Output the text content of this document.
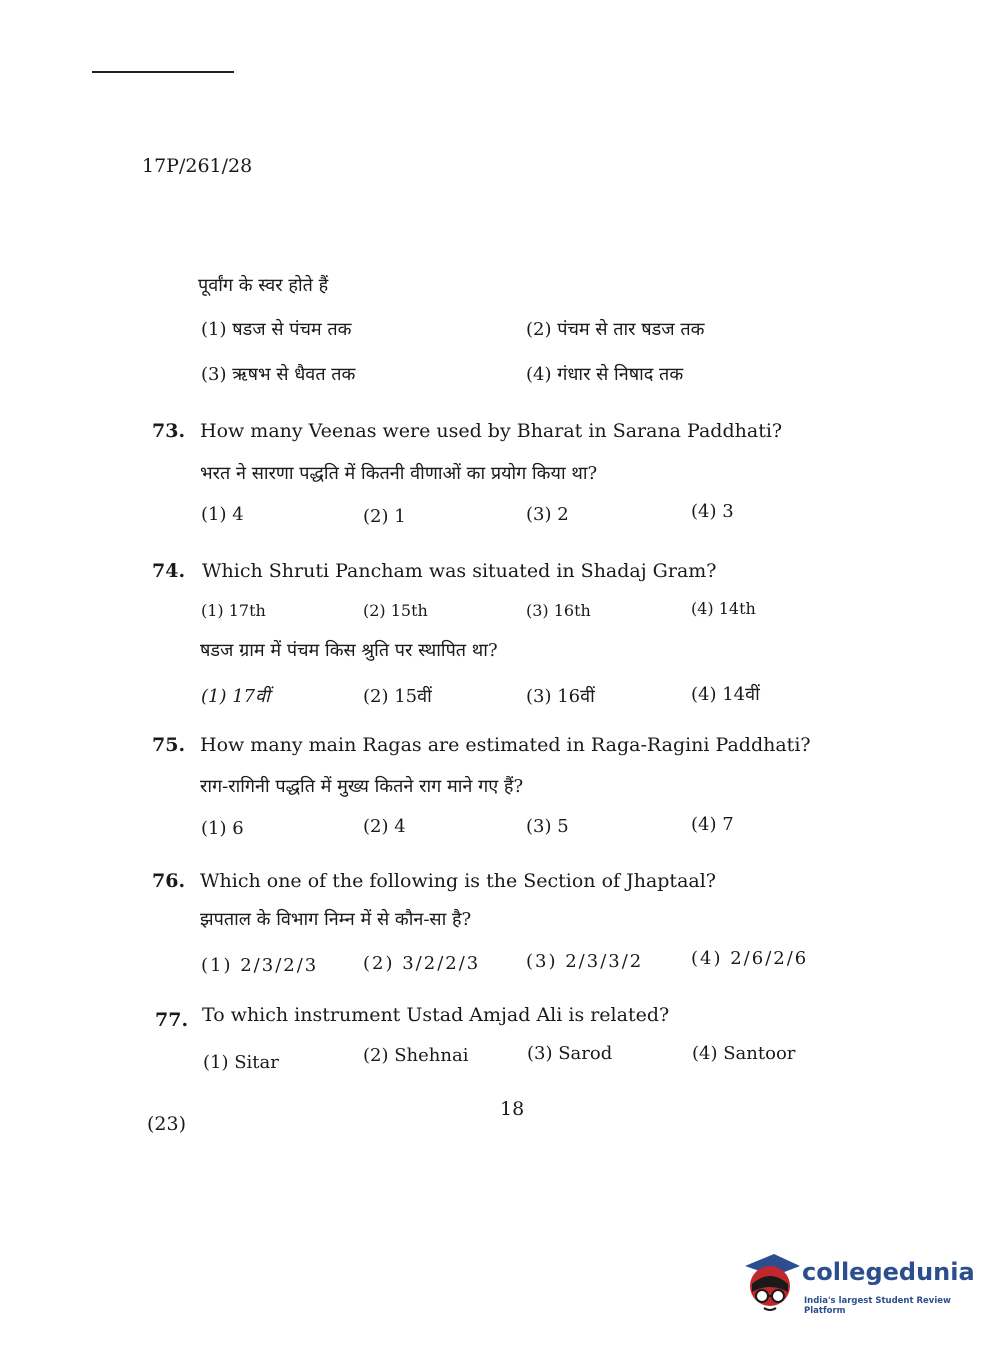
17P/261/28
पूर्वांग के स्वर होते हैं
(1) षडज से पंचम तक	(2) पंचम से तार षडज तक
(3) ऋषभ से धैवत तक	(4) गंधार से निषाद तक
73. How many Veenas were used by Bharat in Sarana Paddhati?
भरत ने सारणा पद्धति में कितनी वीणाओं का प्रयोग किया था?
(1) 4	(2) 1	(3) 2	(4) 3
74. Which Shruti Pancham was situated in Shadaj Gram?
(1) 17th	(2) 15th	(3) 16th	(4) 14th
षडज ग्राम में पंचम किस श्रुति पर स्थापित था?
(1) 17वीं	(2) 15वीं	(3) 16वीं	(4) 14वीं
75. How many main Ragas are estimated in Raga-Ragini Paddhati?
राग-रागिनी पद्धति में मुख्य कितने राग माने गए हैं?
(1) 6	(2) 4	(3) 5	(4) 7
76. Which one of the following is the Section of Jhaptaal?
झपताल के विभाग निम्न में से कौन-सा है?
(1) 2/3/2/3 (2) 3/2/2/3	(3) 2/3/3/2	(4) 2/6/2/6
77. To which instrument Ustad Amjad Ali is related?
(1) Sitar	(2) Shehnai	(3) Sarod	(4) Santoor
18
(23)
collegedunia
India's largest Student Review Platform
